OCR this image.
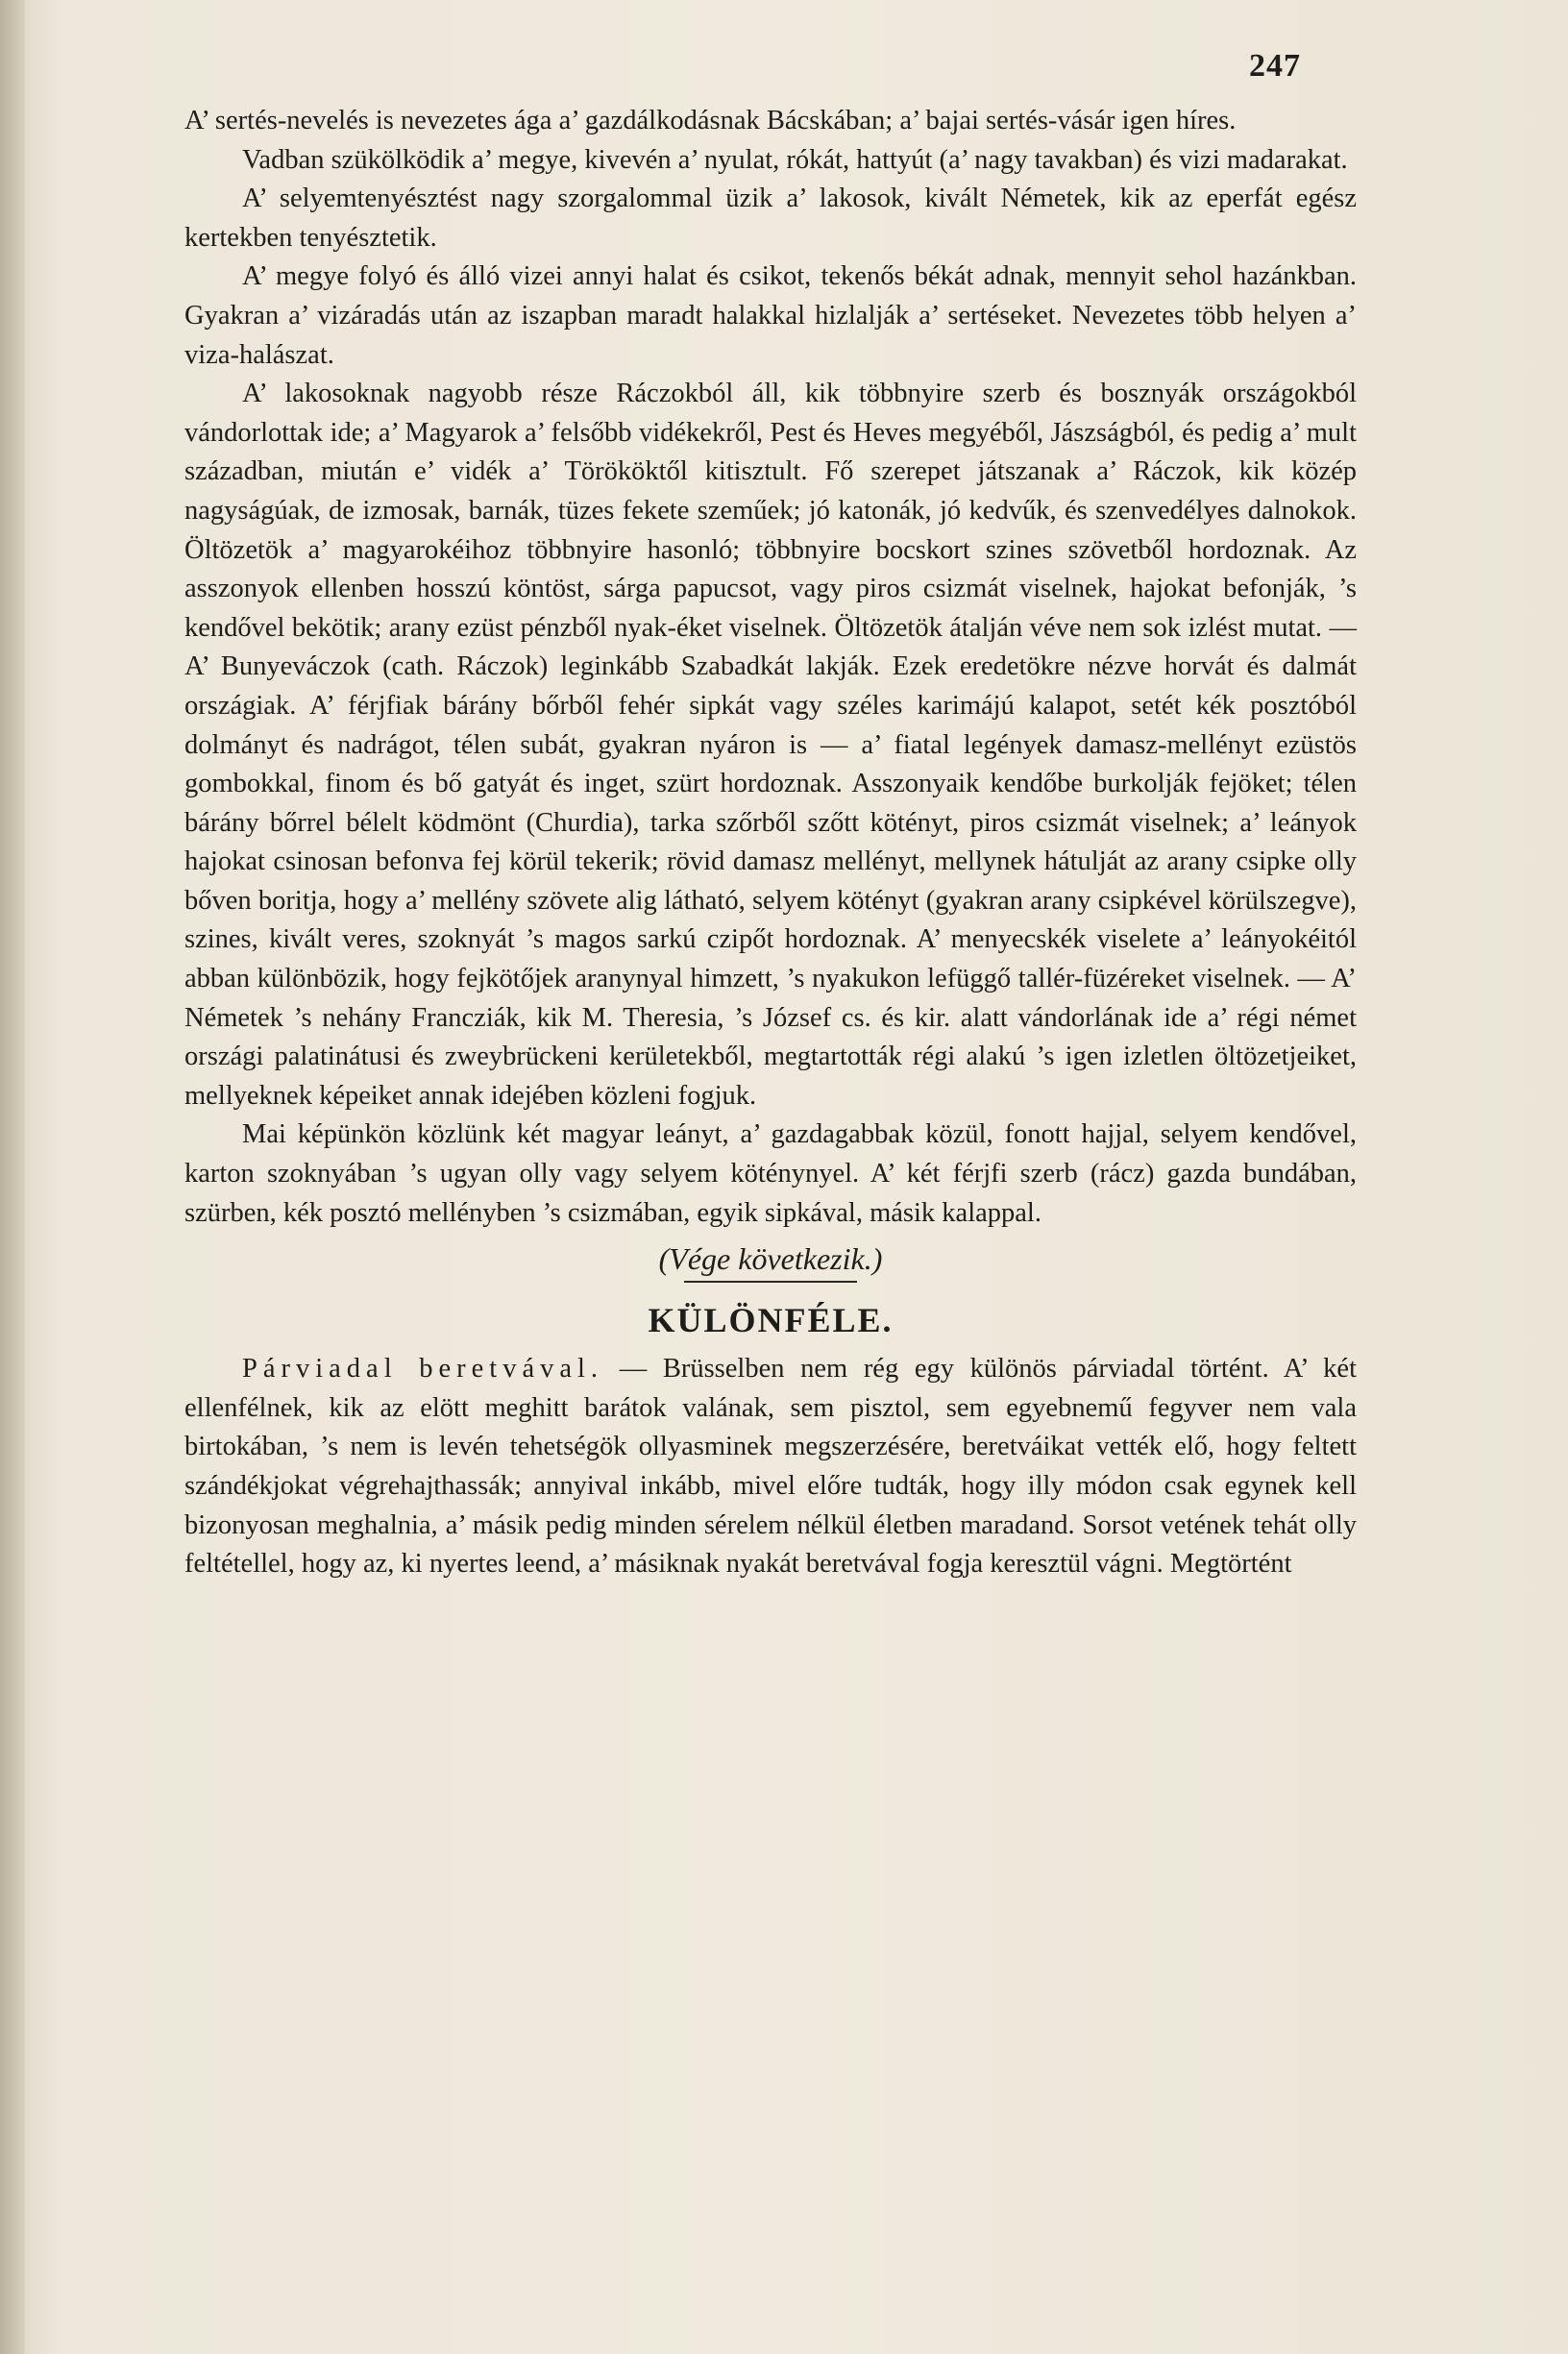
247

A’ sertés-nevelés is nevezetes ága a’ gazdálkodásnak Bácskában; a’ bajai sertés-vásár igen híres.

Vadban szükölködik a’ megye, kivevén a’ nyulat, rókát, hattyút (a’ nagy tavakban) és vizi madarakat.

A’ selyemtenyésztést nagy szorgalommal üzik a’ lakosok, kivált Németek, kik az eperfát egész kertekben tenyésztetik.

A’ megye folyó és álló vizei annyi halat és csikot, tekenős békát adnak, mennyit sehol hazánkban. Gyakran a’ vizáradás után az iszapban maradt halakkal hizlalják a’ sertéseket. Nevezetes több helyen a’ viza-halászat.

A’ lakosoknak nagyobb része Ráczokból áll, kik többnyire szerb és bosznyák országokból vándorlottak ide; a’ Magyarok a’ felsőbb vidékekről, Pest és Heves megyéből, Jászságból, és pedig a’ mult században, miután e’ vidék a’ Törököktől kitisztult. Fő szerepet játszanak a’ Ráczok, kik közép nagyságúak, de izmosak, barnák, tüzes fekete szeműek; jó katonák, jó kedvűk, és szenvedélyes dalnokok. Öltözetök a’ magyarokéihoz többnyire hasonló; többnyire bocskort szines szövetből hordoznak. Az asszonyok ellenben hosszú köntöst, sárga papucsot, vagy piros csizmát viselnek, hajokat befonják, ’s kendővel bekötik; arany ezüst pénzből nyak-éket viselnek. Öltözetök átalján véve nem sok izlést mutat. — A’ Bunyeváczok (cath. Ráczok) leginkább Szabadkát lakják. Ezek eredetökre nézve horvát és dalmát országiak. A’ férjfiak bárány bőrből fehér sipkát vagy széles karimájú kalapot, setét kék posztóból dolmányt és nadrágot, télen subát, gyakran nyáron is — a’ fiatal legények damasz-mellényt ezüstös gombokkal, finom és bő gatyát és inget, szürt hordoznak. Asszonyaik kendőbe burkolják fejöket; télen bárány bőrrel bélelt ködmönt (Churdia), tarka szőrből szőtt kötényt, piros csizmát viselnek; a’ leányok hajokat csinosan befonva fej körül tekerik; rövid damasz mellényt, mellynek hátulját az arany csipke olly bőven boritja, hogy a’ mellény szövete alig látható, selyem kötényt (gyakran arany csipkével körülszegve), szines, kivált veres, szoknyát ’s magos sarkú czipőt hordoznak. A’ menyecskék viselete a’ leányokéitól abban különbözik, hogy fejkötőjek aranynyal himzett, ’s nyakukon lefüggő tallér-füzéreket viselnek. — A’ Németek ’s nehány Francziák, kik M. Theresia, ’s József cs. és kir. alatt vándorlának ide a’ régi német országi palatinátusi és zweybrückeni kerületekből, megtartották régi alakú ’s igen izletlen öltözetjeiket, mellyeknek képeiket annak idejében közleni fogjuk.

Mai képünkön közlünk két magyar leányt, a’ gazdagabbak közül, fonott hajjal, selyem kendővel, karton szoknyában ’s ugyan olly vagy selyem köténynyel. A’ két férjfi szerb (rácz) gazda bundában, szürben, kék posztó mellényben ’s csizmában, egyik sipkával, másik kalappal.

(Vége következik.)
KÜLÖNFÉLE.

Párviadal beretvával. — Brüsselben nem rég egy különös párviadal történt. A’ két ellenfélnek, kik az elött meghitt barátok valának, sem pisztol, sem egyebnemű fegyver nem vala birtokában, ’s nem is levén tehetségök ollyasminek megszerzésére, beretváikat vették elő, hogy feltett szándékjokat végrehajthassák; annyival inkább, mivel előre tudták, hogy illy módon csak egynek kell bizonyosan meghalnia, a’ másik pedig minden sérelem nélkül életben maradand. Sorsot vetének tehát olly feltétellel, hogy az, ki nyertes leend, a’ másiknak nyakát beretvával fogja keresztül vágni. Megtörtént
